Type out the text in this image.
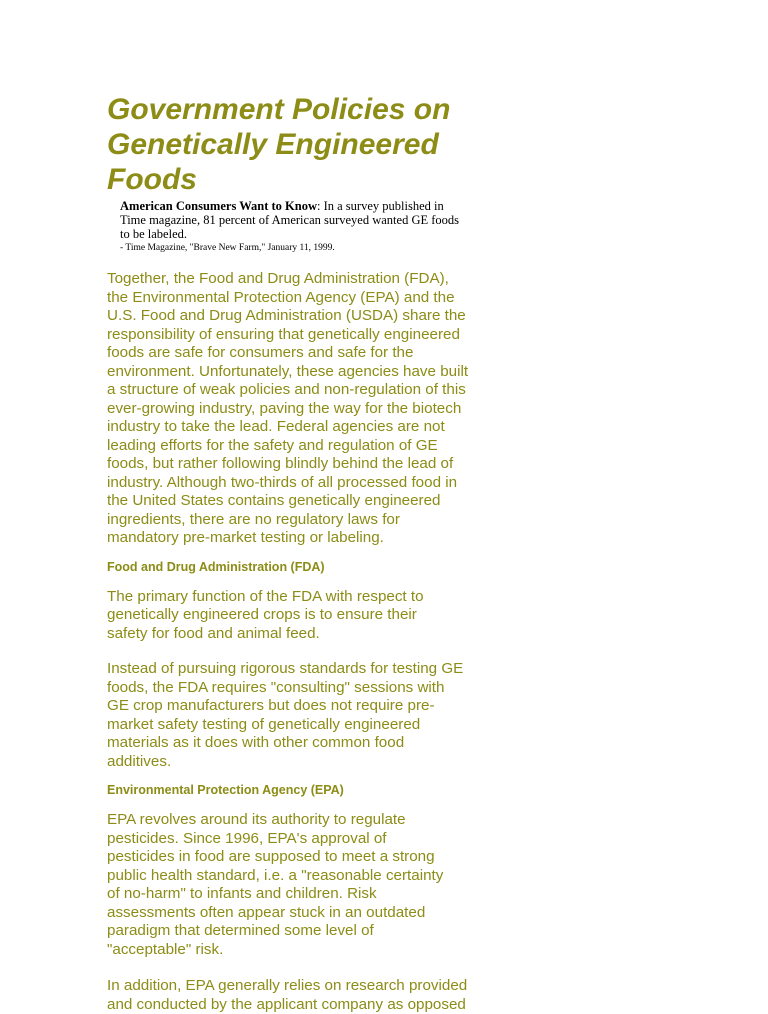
Government Policies on
Genetically Engineered
Foods
American Consumers Want to Know: In a survey published in Time magazine, 81 percent of American surveyed wanted GE foods to be labeled.
- Time Magazine, "Brave New Farm," January 11, 1999.

Together, the Food and Drug Administration (FDA), the Environmental Protection Agency (EPA) and the U.S. Food and Drug Administration (USDA) share the responsibility of ensuring that genetically engineered foods are safe for consumers and safe for the environment. Unfortunately, these agencies have built a structure of weak policies and non-regulation of this ever-growing industry, paving the way for the biotech industry to take the lead. Federal agencies are not leading efforts for the safety and regulation of GE foods, but rather following blindly behind the lead of industry. Although two-thirds of all processed food in the United States contains genetically engineered ingredients, there are no regulatory laws for mandatory pre-market testing or labeling.

Food and Drug Administration (FDA)

The primary function of the FDA with respect to genetically engineered crops is to ensure their safety for food and animal feed.

Instead of pursuing rigorous standards for testing GE foods, the FDA requires "consulting" sessions with GE crop manufacturers but does not require pre-market safety testing of genetically engineered materials as it does with other common food additives.

Environmental Protection Agency (EPA)

EPA revolves around its authority to regulate pesticides. Since 1996, EPA's approval of pesticides in food are supposed to meet a strong public health standard, i.e. a "reasonable certainty of no-harm" to infants and children. Risk assessments often appear stuck in an outdated paradigm that determined some level of "acceptable" risk.

In addition, EPA generally relies on research provided and conducted by the applicant company as opposed
